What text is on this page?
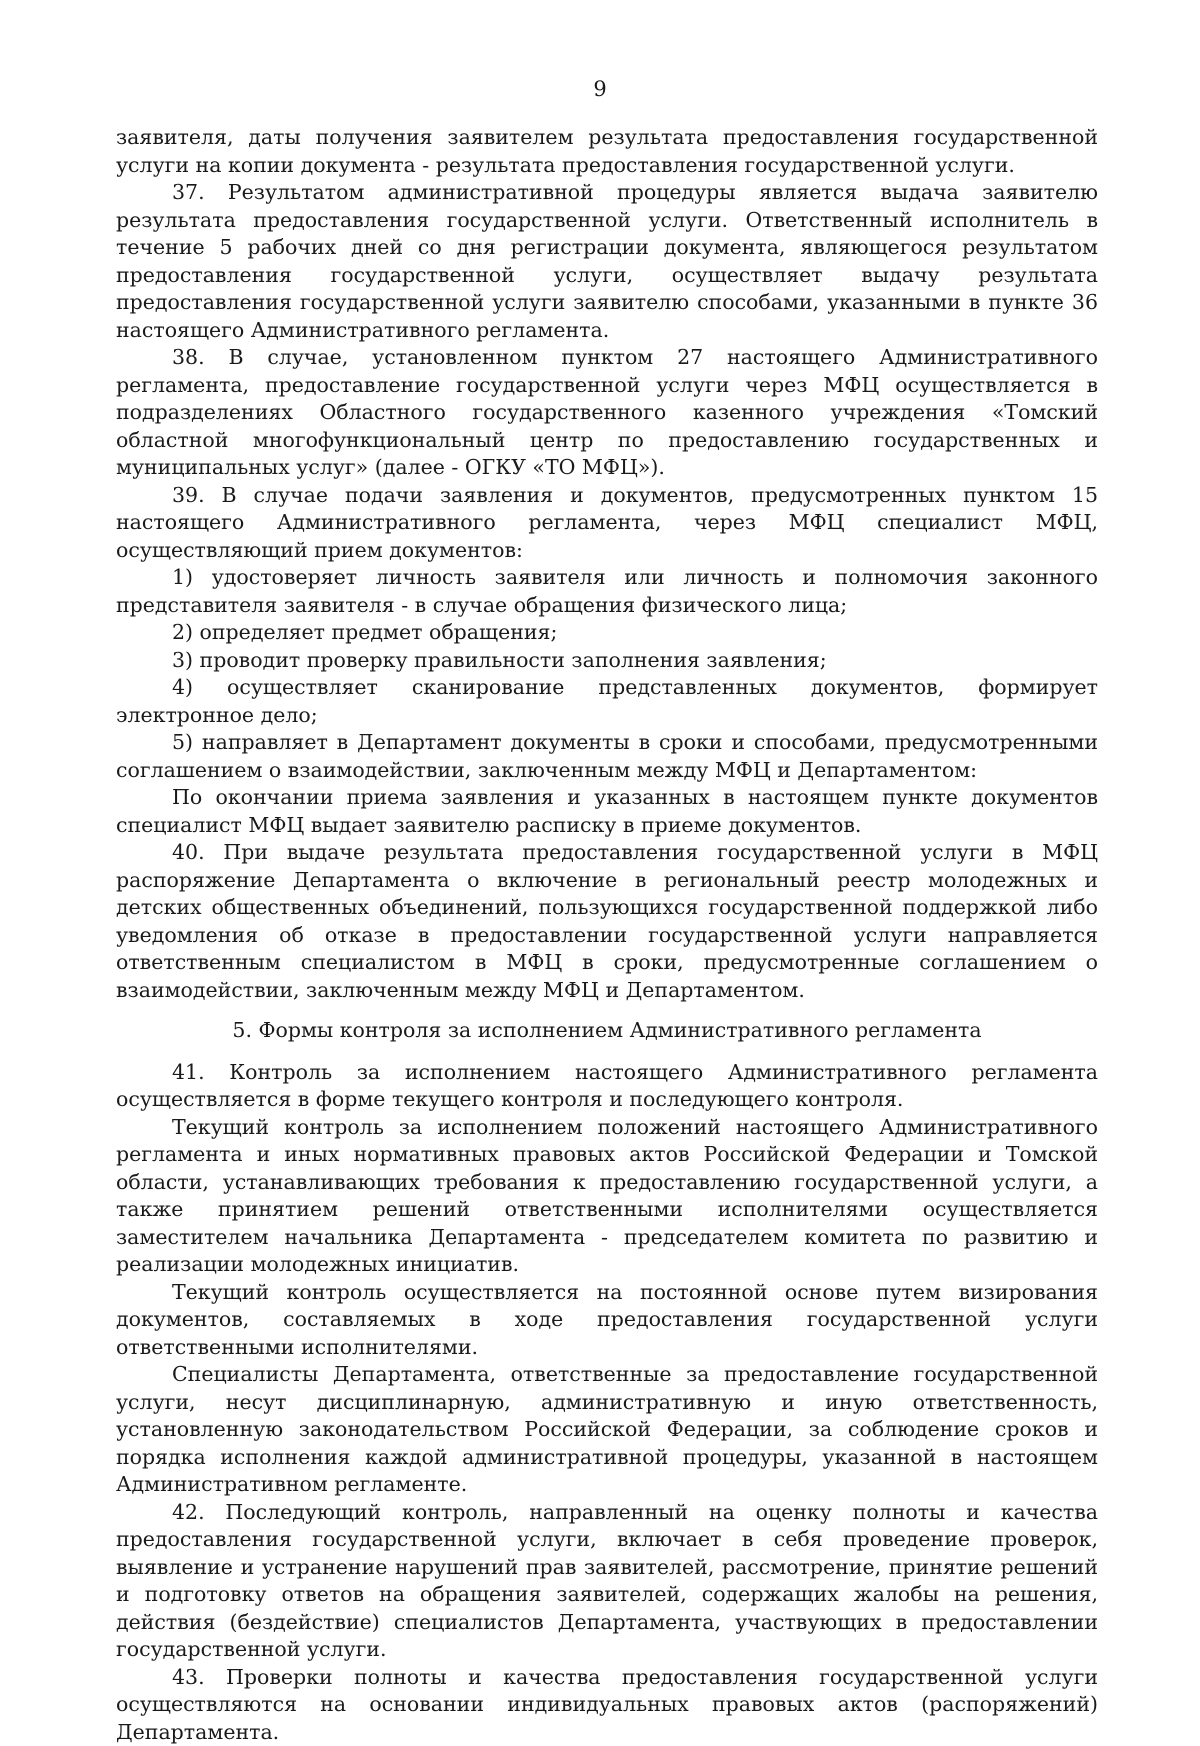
9

заявителя, даты получения заявителем результата предоставления государственной услуги на копии документа - результата предоставления государственной услуги.

37. Результатом административной процедуры является выдача заявителю результата предоставления государственной услуги. Ответственный исполнитель в течение 5 рабочих дней со дня регистрации документа, являющегося результатом предоставления государственной услуги, осуществляет выдачу результата предоставления государственной услуги заявителю способами, указанными в пункте 36 настоящего Административного регламента.

38. В случае, установленном пунктом 27 настоящего Административного регламента, предоставление государственной услуги через МФЦ осуществляется в подразделениях Областного государственного казенного учреждения «Томский областной многофункциональный центр по предоставлению государственных и муниципальных услуг» (далее - ОГКУ «ТО МФЦ»).

39. В случае подачи заявления и документов, предусмотренных пунктом 15 настоящего Административного регламента, через МФЦ специалист МФЦ, осуществляющий прием документов:

1) удостоверяет личность заявителя или личность и полномочия законного представителя заявителя - в случае обращения физического лица;

2) определяет предмет обращения;

3) проводит проверку правильности заполнения заявления;

4) осуществляет сканирование представленных документов, формирует электронное дело;

5) направляет в Департамент документы в сроки и способами, предусмотренными соглашением о взаимодействии, заключенным между МФЦ и Департаментом:

По окончании приема заявления и указанных в настоящем пункте документов специалист МФЦ выдает заявителю расписку в приеме документов.

40. При выдаче результата предоставления государственной услуги в МФЦ распоряжение Департамента о включение в региональный реестр молодежных и детских общественных объединений, пользующихся государственной поддержкой либо уведомления об отказе в предоставлении государственной услуги направляется ответственным специалистом в МФЦ в сроки, предусмотренные соглашением о взаимодействии, заключенным между МФЦ и Департаментом.

5. Формы контроля за исполнением Административного регламента

41. Контроль за исполнением настоящего Административного регламента осуществляется в форме текущего контроля и последующего контроля.

Текущий контроль за исполнением положений настоящего Административного регламента и иных нормативных правовых актов Российской Федерации и Томской области, устанавливающих требования к предоставлению государственной услуги, а также принятием решений ответственными исполнителями осуществляется заместителем начальника Департамента - председателем комитета по развитию и реализации молодежных инициатив.

Текущий контроль осуществляется на постоянной основе путем визирования документов, составляемых в ходе предоставления государственной услуги ответственными исполнителями.

Специалисты Департамента, ответственные за предоставление государственной услуги, несут дисциплинарную, административную и иную ответственность, установленную законодательством Российской Федерации, за соблюдение сроков и порядка исполнения каждой административной процедуры, указанной в настоящем Административном регламенте.

42. Последующий контроль, направленный на оценку полноты и качества предоставления государственной услуги, включает в себя проведение проверок, выявление и устранение нарушений прав заявителей, рассмотрение, принятие решений и подготовку ответов на обращения заявителей, содержащих жалобы на решения, действия (бездействие) специалистов Департамента, участвующих в предоставлении государственной услуги.

43. Проверки полноты и качества предоставления государственной услуги осуществляются на основании индивидуальных правовых актов (распоряжений) Департамента.
